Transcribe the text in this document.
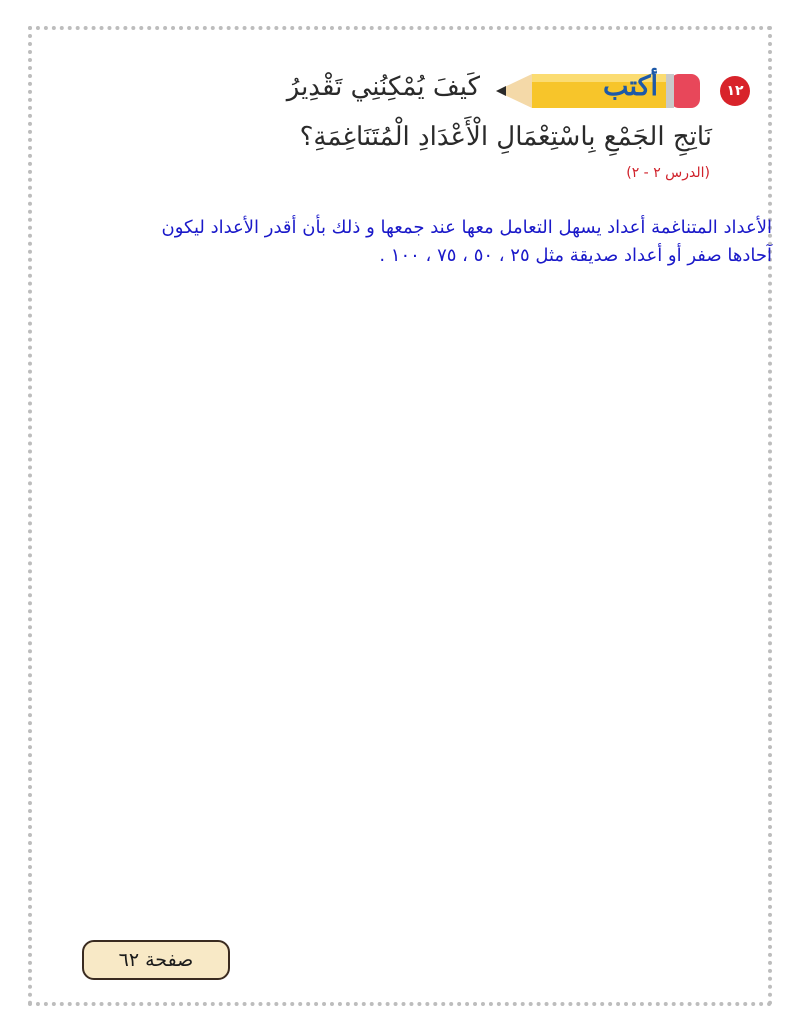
١٢
أكتب
كَيفَ يُمْكِنُنِي تَقْدِيرُ
نَاتِجِ الجَمْعِ بِاسْتِعْمَالِ الْأَعْدَادِ الْمُتَنَاغِمَةِ؟
(الدرس ٢ - ٢)
الأعداد المتناغمة أعداد يسهل التعامل معها عند جمعها و ذلك بأن أقدر الأعداد ليكون
آحادها صفر أو أعداد صديقة مثل ٢٥ ، ٥٠ ، ٧٥ ، ١٠٠ .
صفحة ٦٢
